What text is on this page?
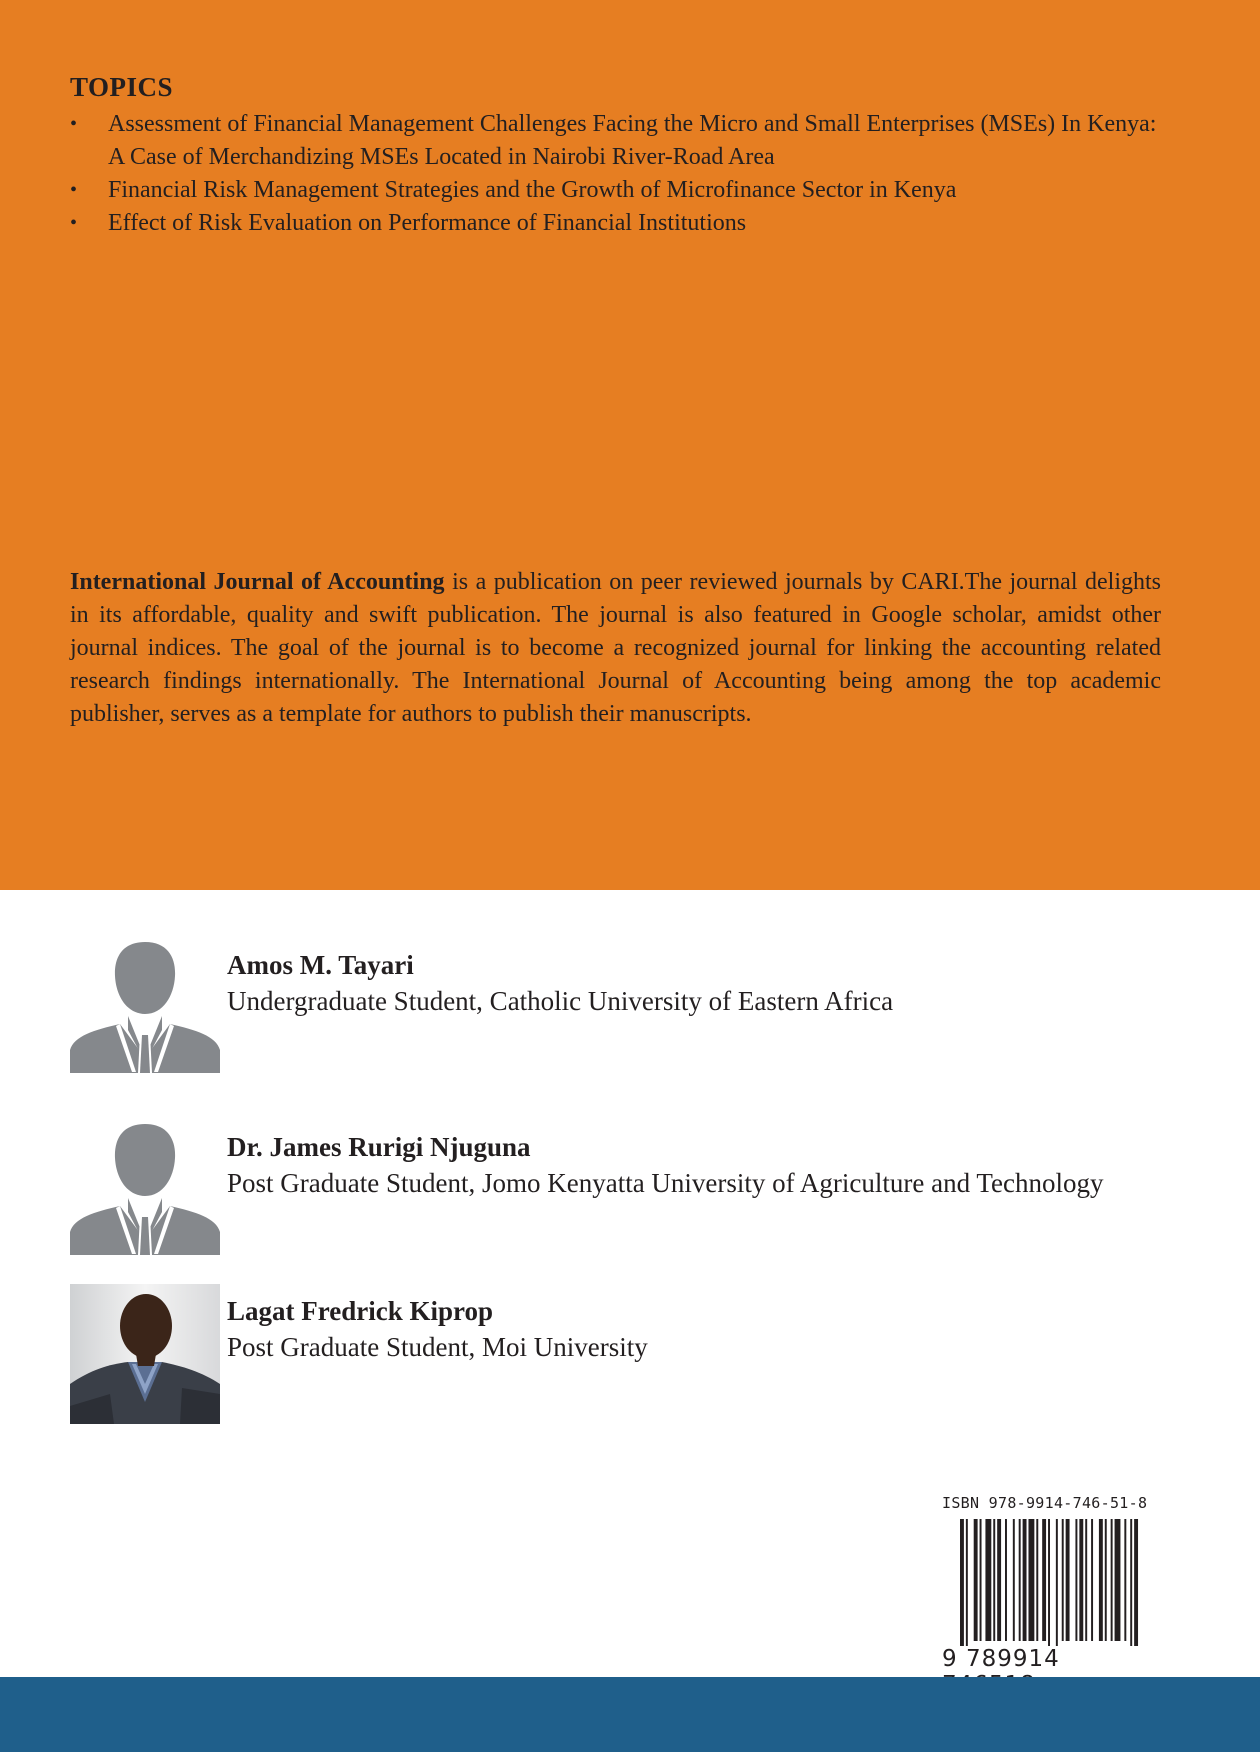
TOPICS
• Assessment of Financial Management Challenges Facing the Micro and Small Enterprises (MSEs) In Kenya: A Case of Merchandizing MSEs Located in Nairobi River-Road Area
• Financial Risk Management Strategies and the Growth of Microfinance Sector in Kenya
• Effect of Risk Evaluation on Performance of Financial Institutions

International Journal of Accounting is a publication on peer reviewed journals by CARI.The journal delights in its affordable, quality and swift publication. The journal is also featured in Google scholar, amidst other journal indices. The goal of the journal is to become a recognized journal for linking the accounting related research findings internationally. The International Journal of Accounting being among the top academic publisher, serves as a template for authors to publish their manuscripts.

Amos M. Tayari
Undergraduate Student, Catholic University of Eastern Africa
Dr. James Rurigi Njuguna
Post Graduate Student, Jomo Kenyatta University of Agriculture and Technology
Lagat Fredrick Kiprop
Post Graduate Student, Moi University
ISBN 978-9914-746-51-8
9 789914
